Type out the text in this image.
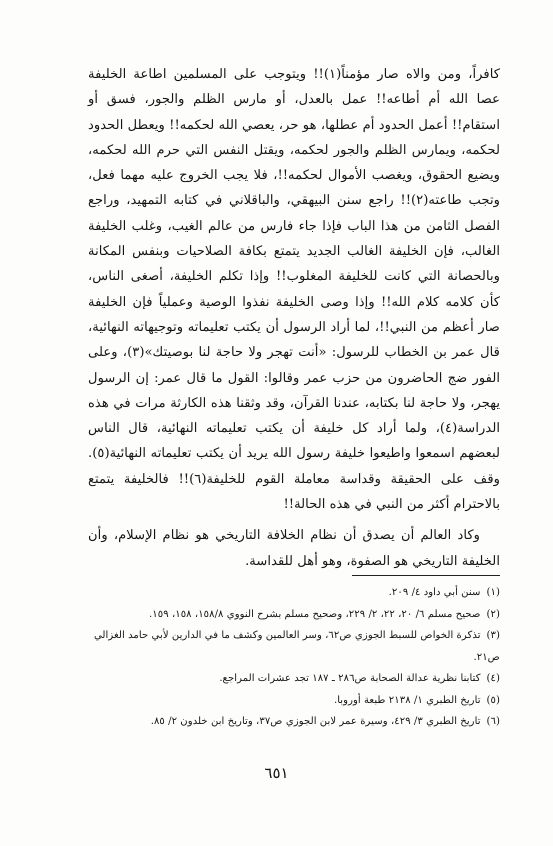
كافراً، ومن والاه صار مؤمناً(١)!! ويتوجب على المسلمين اطاعة الخليفة عصا الله أم أطاعه!! عمل بالعدل، أو مارس الظلم والجور، فسق أو استقام!! أعمل الحدود أم عطلها، هو حر، يعصي الله لحكمه!! ويعطل الحدود لحكمه، ويمارس الظلم والجور لحكمه، ويقتل النفس التي حرم الله لحكمه، ويضيع الحقوق، ويغصب الأموال لحكمه!!، فلا يجب الخروج عليه مهما فعل، وتجب طاعته(٢)!! راجع سنن البيهقي، والباقلاني في كتابه التمهيد، وراجع الفصل الثامن من هذا الباب فإذا جاء فارس من عالم الغيب، وغلب الخليفة الغالب، فإن الخليفة الغالب الجديد يتمتع بكافة الصلاحيات وبنفس المكانة وبالحصانة التي كانت للخليفة المغلوب!! وإذا تكلم الخليفة، أصغى الناس، كأن كلامه كلام الله!! وإذا وصى الخليفة نفذوا الوصية وعملياً فإن الخليفة صار أعظم من النبي!!، لما أراد الرسول أن يكتب تعليماته وتوجيهاته النهائية، قال عمر بن الخطاب للرسول: «أنت تهجر ولا حاجة لنا بوصيتك»(٣)، وعلى الفور ضج الحاضرون من حزب عمر وقالوا: القول ما قال عمر: إن الرسول يهجر، ولا حاجة لنا بكتابه، عندنا القرآن، وقد وثقنا هذه الكارثة مرات في هذه الدراسة(٤)، ولما أراد كل خليفة أن يكتب تعليماته النهائية، قال الناس لبعضهم اسمعوا واطيعوا خليفة رسول الله يريد أن يكتب تعليماته النهائية(٥). وقف على الحقيقة وقداسة معاملة القوم للخليفة(٦)!! فالخليفة يتمتع بالاحترام أكثر من النبي في هذه الحالة!!

وكاد العالم أن يصدق أن نظام الخلافة التاريخي هو نظام الإسلام، وأن الخليفة التاريخي هو الصفوة، وهو أهل للقداسة.

(١)سنن أبي داود ٤/ ٢٠٩.

(٢)صحيح مسلم ٦/ ٢٠، ٢٢، ٢/ ٢٢٩، وصحيح مسلم بشرح النووي ١٥٨/٨، ١٥٨، ١٥٩.

(٣)تذكرة الخواص للسبط الجوزي ص٦٢، وسر العالمين وكشف ما في الدارين لأبي حامد الغزالي ص٢١.

(٤)كتابنا نظرية عدالة الصحابة ص٢٨٦ ـ ١٨٧ تجد عشرات المراجع.

(٥)تاريخ الطبري ١/ ٢١٣٨ طبعة أوروبا.

(٦)تاريخ الطبري ٣/ ٤٢٩، وسيرة عمر لابن الجوزي ص٣٧، وتاريخ ابن خلدون ٢/ ٨٥.

٦٥١
